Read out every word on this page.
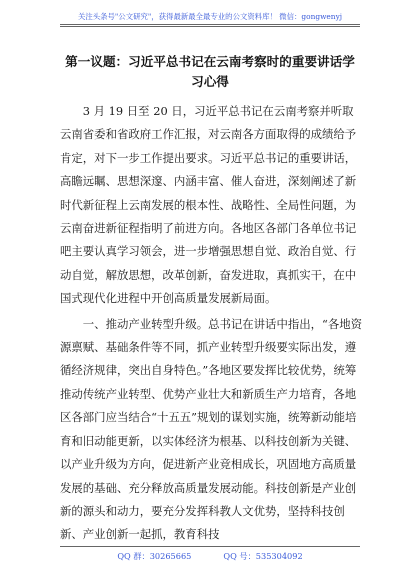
关注头条号"公文研究"，获得最新最全最专业的公文资料库！ 微信：gongwenyj
第一议题：习近平总书记在云南考察时的重要讲话学习心得

3 月 19 日至 20 日，习近平总书记在云南考察并听取云南省委和省政府工作汇报，对云南各方面取得的成绩给予肯定，对下一步工作提出要求。习近平总书记的重要讲话，高瞻远瞩、思想深邃、内涵丰富、催人奋进，深刻阐述了新时代新征程上云南发展的根本性、战略性、全局性问题，为云南奋进新征程指明了前进方向。各地区各部门各单位书记吧主要认真学习领会，进一步增强思想自觉、政治自觉、行动自觉，解放思想，改革创新，奋发进取，真抓实干，在中国式现代化进程中开创高质量发展新局面。

一、推动产业转型升级。总书记在讲话中指出，“各地资源禀赋、基础条件等不同，抓产业转型升级要实际出发，遵循经济规律，突出自身特色。”各地区要发挥比较优势，统筹推动传统产业转型、优势产业壮大和新质生产力培育，各地区各部门应当结合“十五五”规划的谋划实施，统筹新动能培育和旧动能更新，以实体经济为根基、以科技创新为关键、以产业升级为方向，促进新产业竞相成长，巩固地方高质量发展的基础、充分释放高质量发展动能。科技创新是产业创新的源头和动力，要充分发挥科教人文优势，坚持科技创新、产业创新一起抓，教育科技

QQ 群：30265665	QQ 号：535304092
